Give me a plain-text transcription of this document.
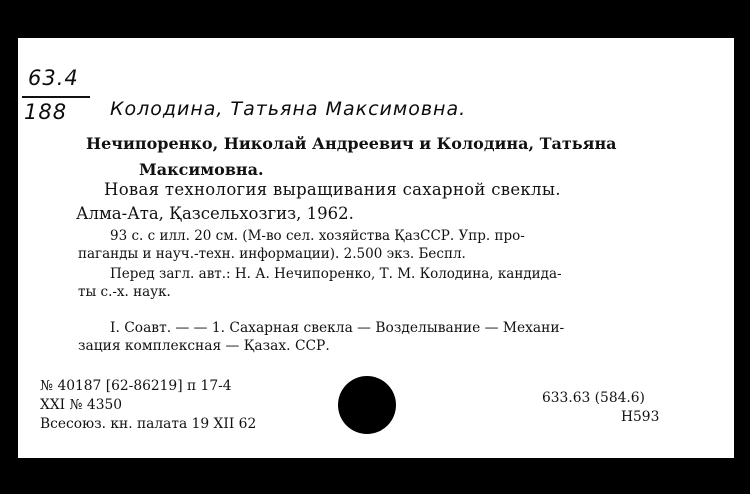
63.4
188 Колодина, Татьяна Максимовна.
Нечипоренко, Николай Андреевич и Колодина, Татьяна
Максимовна.
Новая технология выращивания сахарной свеклы.
Алма-Ата, Қазсельхозгиз, 1962.
93 с. с илл. 20 см. (М-во сел. хозяйства ҚазССР. Упр. про-
паганды и науч.-техн. информации). 2.500 экз. Беспл.
Перед загл. авт.: Н. А. Нечипоренко, Т. М. Колодина, кандида-
ты с.-х. наук.
I. Соавт. — — 1. Сахарная свекла — Возделывание — Механи-
зация комплексная — Қазах. ССР.
№ 40187 [62-86219] п 17-4
XXI № 4350
Всесоюз. кн. палата 19 XII 62
633.63 (584.6)
Н593
